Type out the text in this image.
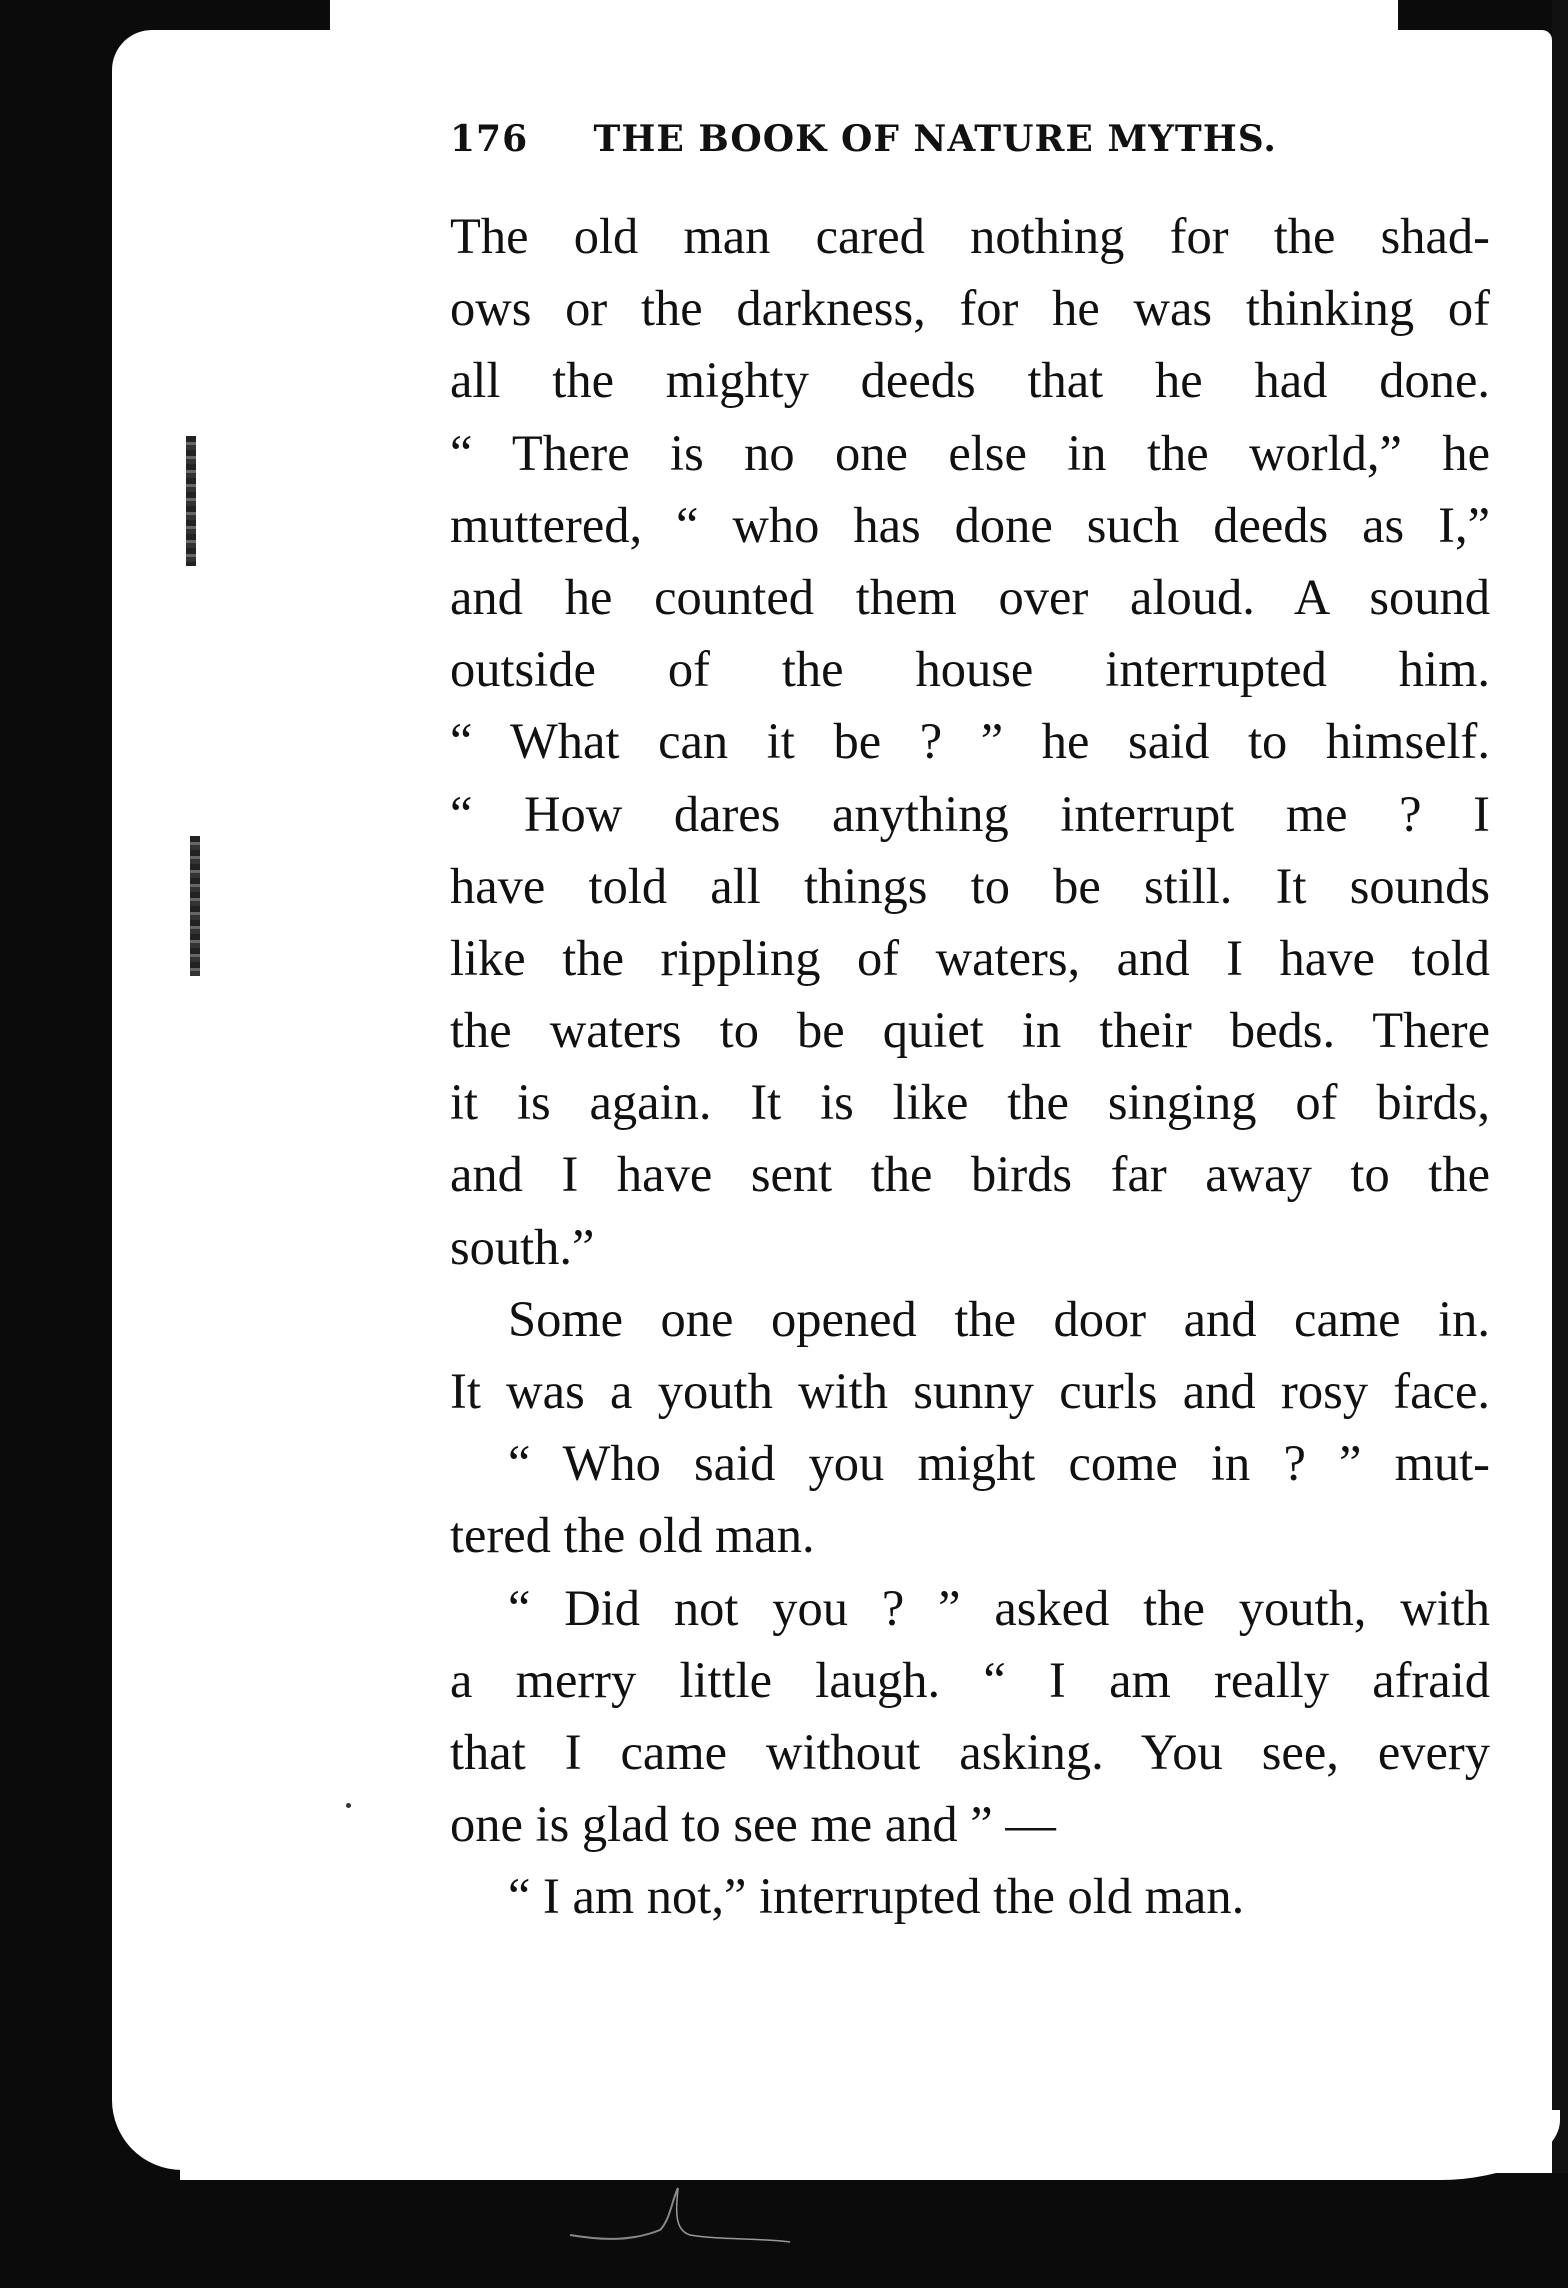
176 THE BOOK OF NATURE MYTHS.
The old man cared nothing for the shad-
ows or the darkness, for he was thinking of
all the mighty deeds that he had done.
“ There is no one else in the world,” he
muttered, “ who has done such deeds as I,”
and he counted them over aloud. A sound
outside of the house interrupted him.
“ What can it be ? ” he said to himself.
“ How dares anything interrupt me ? I
have told all things to be still. It sounds
like the rippling of waters, and I have told
the waters to be quiet in their beds. There
it is again. It is like the singing of birds,
and I have sent the birds far away to the
south.”
Some one opened the door and came in.
It was a youth with sunny curls and rosy face.
“ Who said you might come in ? ” mut-
tered the old man.
“ Did not you ? ” asked the youth, with
a merry little laugh. “ I am really afraid
that I came without asking. You see, every
one is glad to see me and ” —
“ I am not,” interrupted the old man.
